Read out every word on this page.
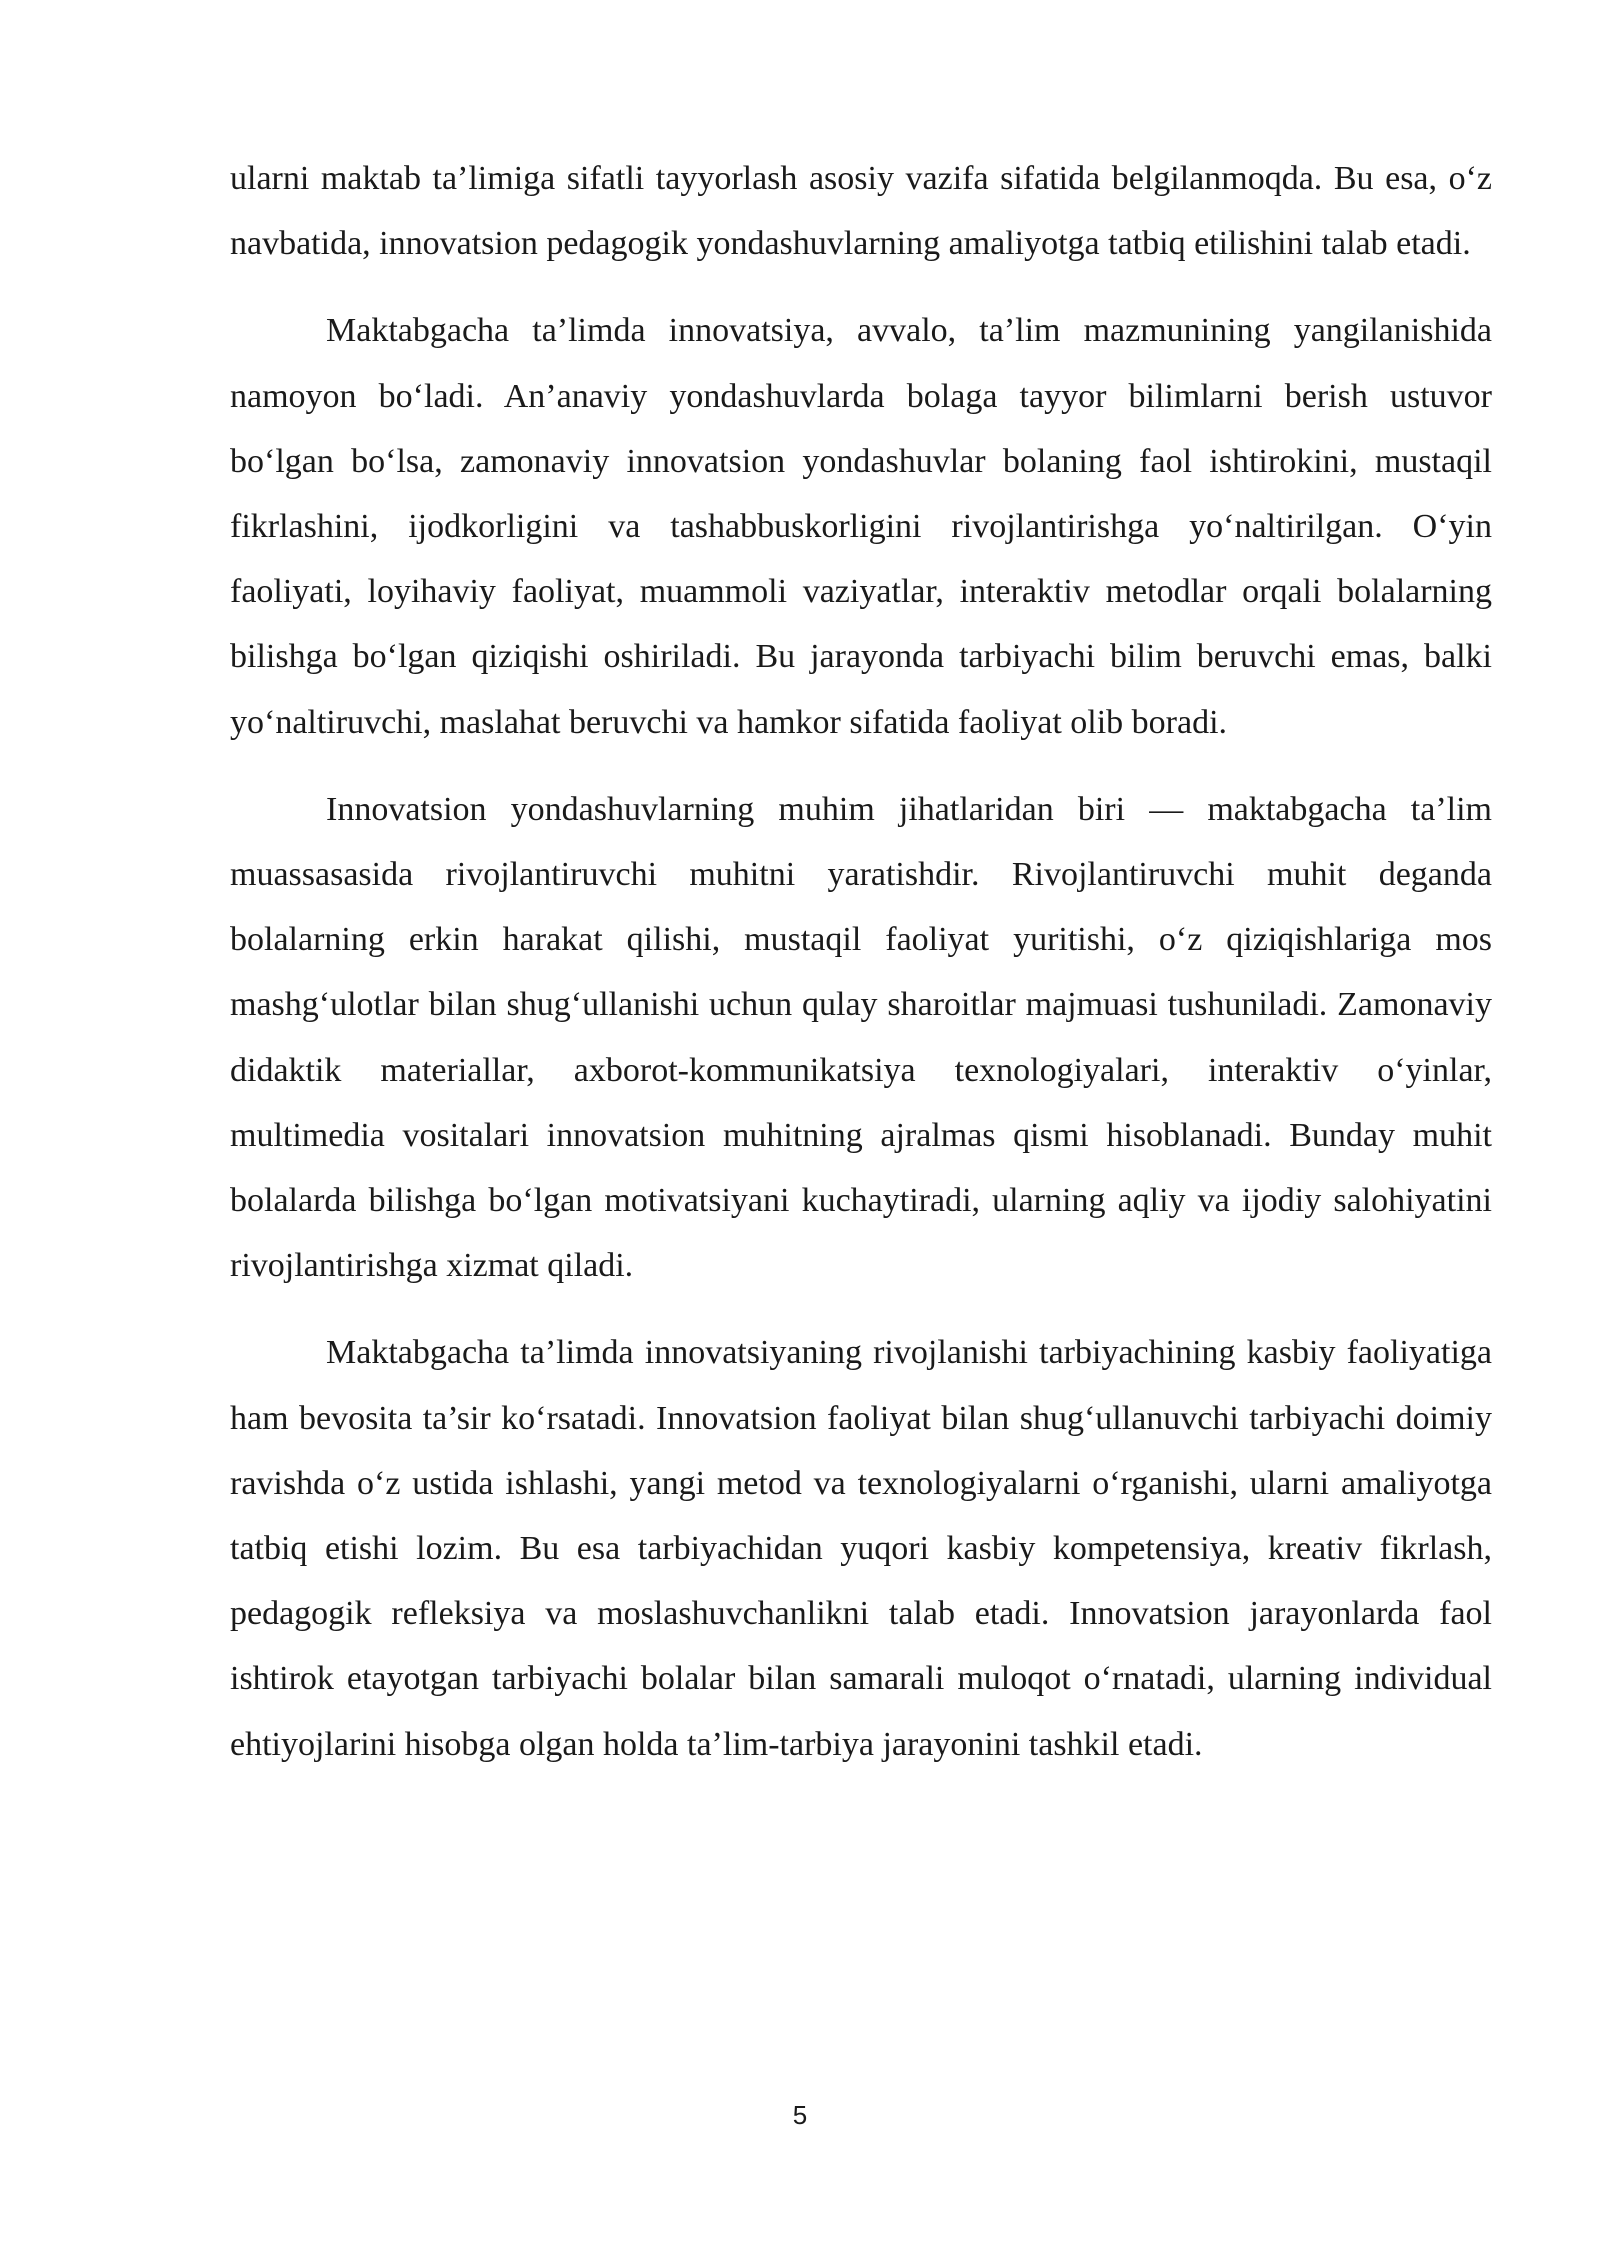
ularni maktab ta’limiga sifatli tayyorlash asosiy vazifa sifatida belgilanmoqda. Bu esa, o‘z navbatida, innovatsion pedagogik yondashuvlarning amaliyotga tatbiq etilishini talab etadi.

Maktabgacha ta’limda innovatsiya, avvalo, ta’lim mazmunining yangilanishida namoyon bo‘ladi. An’anaviy yondashuvlarda bolaga tayyor bilimlarni berish ustuvor bo‘lgan bo‘lsa, zamonaviy innovatsion yondashuvlar bolaning faol ishtirokini, mustaqil fikrlashini, ijodkorligini va tashabbuskorligini rivojlantirishga yo‘naltirilgan. O‘yin faoliyati, loyihaviy faoliyat, muammoli vaziyatlar, interaktiv metodlar orqali bolalarning bilishga bo‘lgan qiziqishi oshiriladi. Bu jarayonda tarbiyachi bilim beruvchi emas, balki yo‘naltiruvchi, maslahat beruvchi va hamkor sifatida faoliyat olib boradi.

Innovatsion yondashuvlarning muhim jihatlaridan biri — maktabgacha ta’lim muassasasida rivojlantiruvchi muhitni yaratishdir. Rivojlantiruvchi muhit deganda bolalarning erkin harakat qilishi, mustaqil faoliyat yuritishi, o‘z qiziqishlariga mos mashg‘ulotlar bilan shug‘ullanishi uchun qulay sharoitlar majmuasi tushuniladi. Zamonaviy didaktik materiallar, axborot-kommunikatsiya texnologiyalari, interaktiv o‘yinlar, multimedia vositalari innovatsion muhitning ajralmas qismi hisoblanadi. Bunday muhit bolalarda bilishga bo‘lgan motivatsiyani kuchaytiradi, ularning aqliy va ijodiy salohiyatini rivojlantirishga xizmat qiladi.

Maktabgacha ta’limda innovatsiyaning rivojlanishi tarbiyachining kasbiy faoliyatiga ham bevosita ta’sir ko‘rsatadi. Innovatsion faoliyat bilan shug‘ullanuvchi tarbiyachi doimiy ravishda o‘z ustida ishlashi, yangi metod va texnologiyalarni o‘rganishi, ularni amaliyotga tatbiq etishi lozim. Bu esa tarbiyachidan yuqori kasbiy kompetensiya, kreativ fikrlash, pedagogik refleksiya va moslashuvchanlikni talab etadi. Innovatsion jarayonlarda faol ishtirok etayotgan tarbiyachi bolalar bilan samarali muloqot o‘rnatadi, ularning individual ehtiyojlarini hisobga olgan holda ta’lim-tarbiya jarayonini tashkil etadi.

5
